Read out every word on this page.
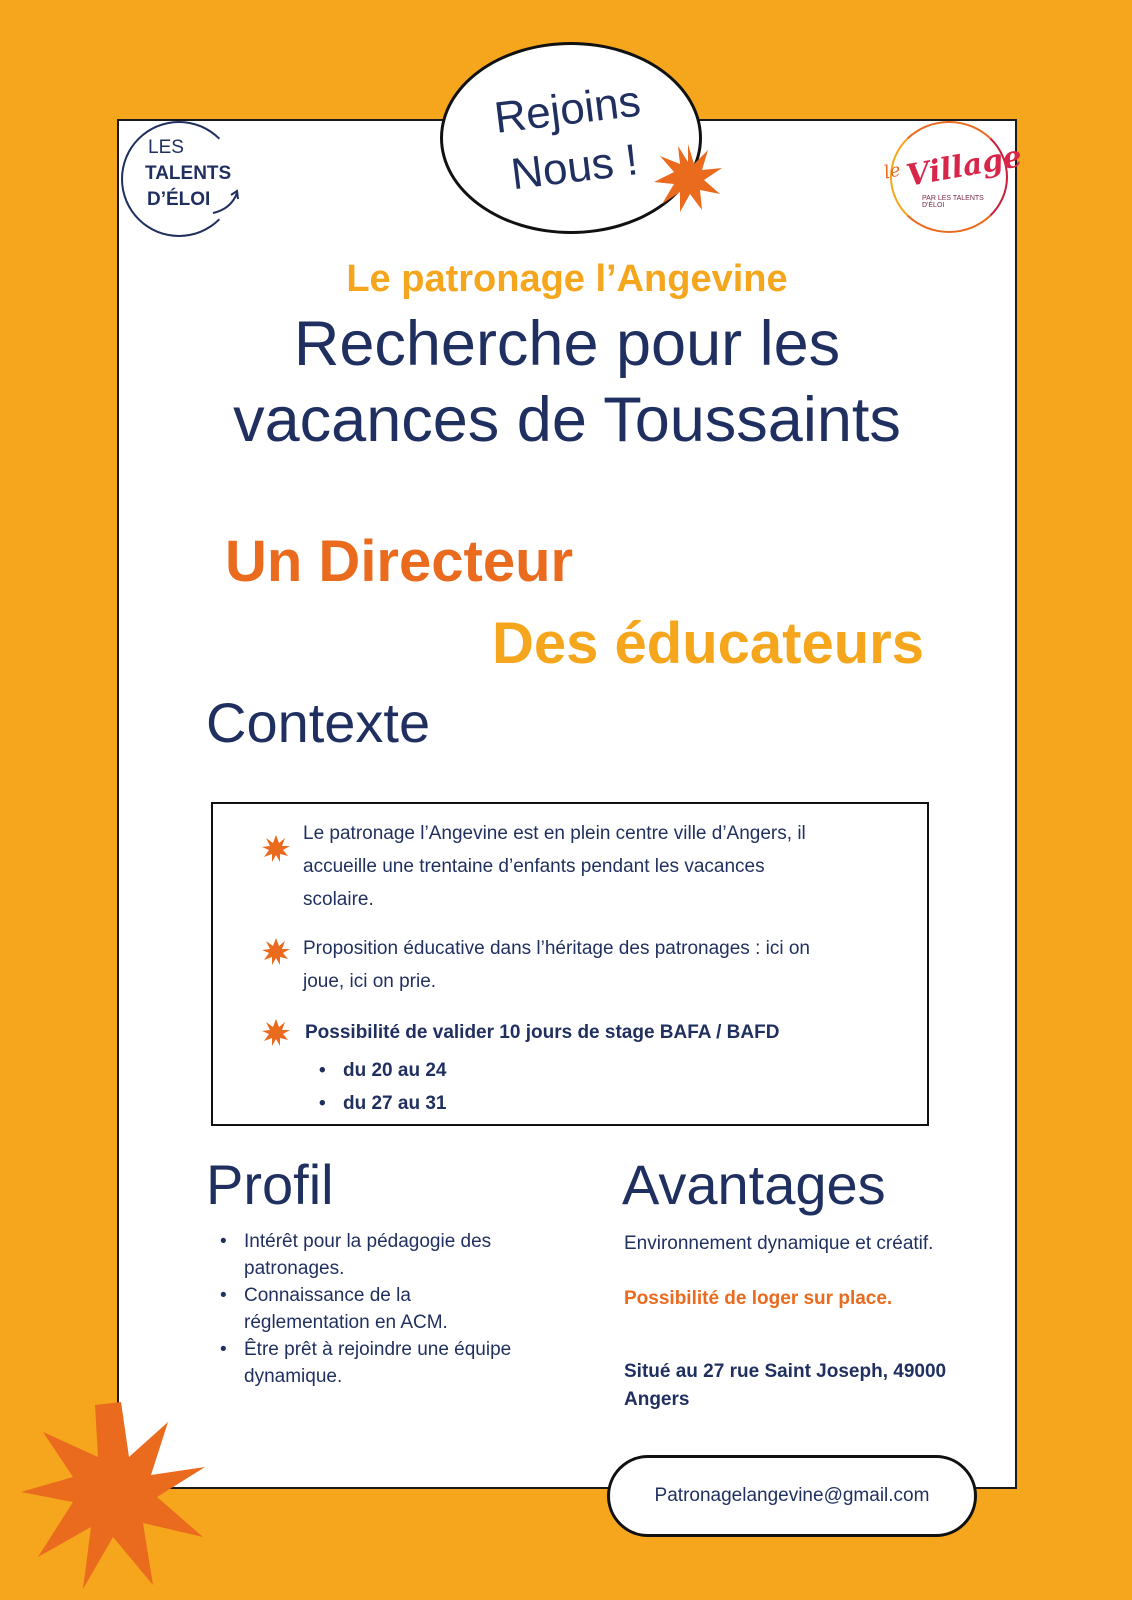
LES
TALENTS
D’ÉLOI
le Village
PAR LES TALENTS D'ÉLOI
Rejoins
Nous !
Le patronage l’Angevine
Recherche pour les
vacances de Toussaints
Un Directeur
Des éducateurs
Contexte
Le patronage l’Angevine est en plein centre ville d’Angers, il
accueille une trentaine d’enfants pendant les vacances
scolaire.
Proposition éducative dans l’héritage des patronages : ici on
joue, ici on prie.
Possibilité de valider 10 jours de stage BAFA / BAFD
• du 20 au 24
• du 27 au 31
Profil
• Intérêt pour la pédagogie des
patronages.
• Connaissance de la
réglementation en ACM.
• Être prêt à rejoindre une équipe
dynamique.
Avantages
Environnement dynamique et créatif.
Possibilité de loger sur place.
Situé au 27 rue Saint Joseph, 49000
Angers
Patronagelangevine@gmail.com
